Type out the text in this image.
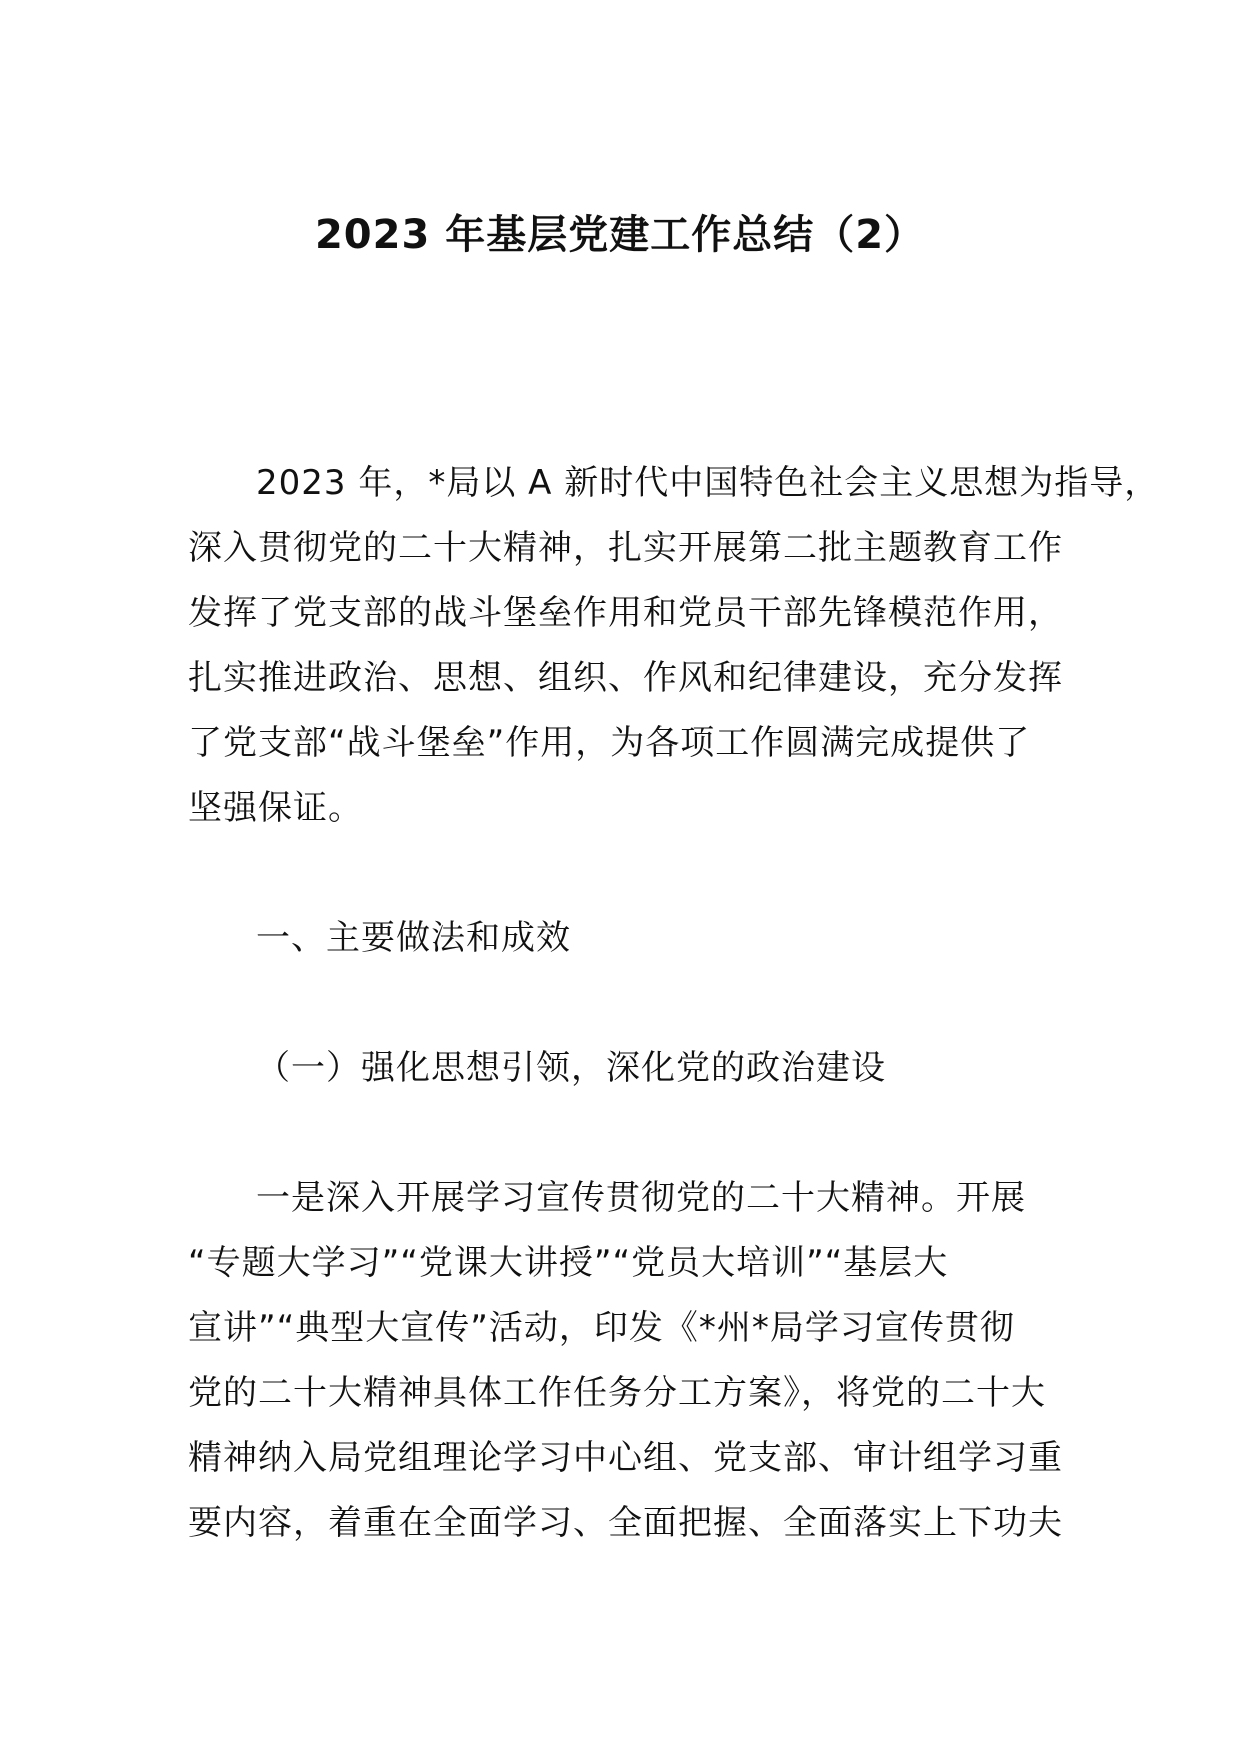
2023 年基层党建工作总结（2）
2023 年，*局以 A 新时代中国特色社会主义思想为指导，
深入贯彻党的二十大精神，扎实开展第二批主题教育工作
发挥了党支部的战斗堡垒作用和党员干部先锋模范作用，
扎实推进政治、思想、组织、作风和纪律建设，充分发挥
了党支部“战斗堡垒”作用，为各项工作圆满完成提供了
坚强保证。
一、主要做法和成效
（一）强化思想引领，深化党的政治建设
一是深入开展学习宣传贯彻党的二十大精神。开展
“专题大学习”“党课大讲授”“党员大培训”“基层大
宣讲”“典型大宣传”活动，印发《*州*局学习宣传贯彻
党的二十大精神具体工作任务分工方案》，将党的二十大
精神纳入局党组理论学习中心组、党支部、审计组学习重
要内容，着重在全面学习、全面把握、全面落实上下功夫
